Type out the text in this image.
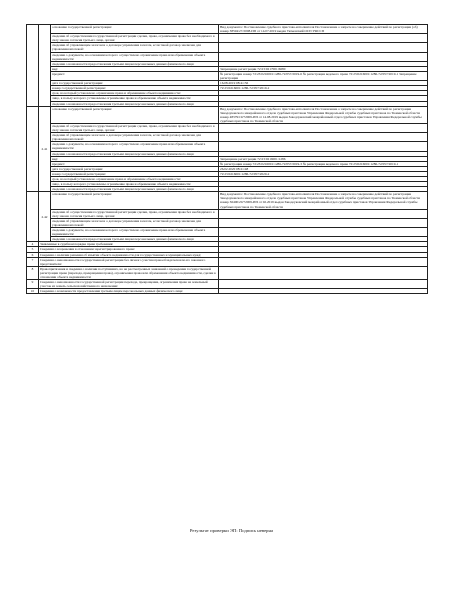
		основание государственной регистрации:	Вид документа: Постановление судебного пристава-исполнителя Постановление о запрете на совершение действий по регистрации (об) номер 38594/27/2008-ИП от 14.07.2019 выдан Тюменский ОСП УФССП
		сведения об осуществлении государственной регистрации сделки, права, ограничения права без необходимого в силу закона согласия третьего лица, органа:	
		сведения об управляющем залогом и о договоре управления залогом, если такой договор заключен для управления ипотекой:	
		сведения о документе, на основании которого осуществлено ограничение права или обременение объекта недвижимости:	
		сведения о возможности предоставления третьим лицам персональных данных физического лица:	
		вид:	Запрещение регистрации 72:23:0217001:6680
		предмет:	№ регистрации номер 72:23:0216001:1286-72/057/2019-6 № регистрации ведомого права 72:23:0216001:1286-72/057/2019-1 Запрещение регистрации
		дата государственной регистрации:	16.08.2019 08:41:36
		номер государственной регистрации:	72:23:0216001:1286-72/057/2019-2
		срок, на который установлено ограничение права и обременение объекта недвижимости:	
		лицо, в пользу которого установлены ограничение права и обременение объекта недвижимости:	
		сведения о возможности предоставления третьим лицам персональных данных физического лица:	
	2.41	основание государственной регистрации:	Вид документа: Постановление судебного пристава-исполнителя Постановление о запрете на совершение действий по регистрации Заводоуковского межрайонного отдела судебных приставов Управления Федеральной службы судебных приставов по Тюменской области номер 48379/19/72009-ИП от 14.08.2019 выдан Заводоуковский межрайонный отдел судебных приставов Управления Федеральной службы судебных приставов по Тюменской области
		сведения об осуществлении государственной регистрации сделки, права, ограничения права без необходимого в силу закона согласия третьего лица, органа:	
		сведения об управляющем залогом и о договоре управления залогом, если такой договор заключен для управления ипотекой:	
		сведения о документе, на основании которого осуществлено ограничение права или обременение объекта недвижимости:	
		сведения о возможности предоставления третьим лицам персональных данных физического лица:	
		вид:	Запрещение регистрации 72:23:0216001:1286
		предмет:	№ регистрации номер 72:23:0216001:1286-72/057/2019-3 № регистрации ведомого права 72:23:0216001:1286-72/057/2019-1
		дата государственной регистрации:	26.02.2020 08:21:48
		номер государственной регистрации:	72:23:0216001:1286-72/057/2020-2
		срок, на который установлено ограничение права и обременение объекта недвижимости:	
		лицо, в пользу которого установлены ограничение права и обременение объекта недвижимости:	
		сведения о возможности предоставления третьим лицам персональных данных физического лица:	
	2.42	основание государственной регистрации:	Вид документа: Постановление судебного пристава-исполнителя Постановление о запрете на совершение действий по регистрации Заводоуковского межрайонного отдела судебных приставов Управления Федеральной службы судебных приставов по Тюменской области номер 36400/20/72009-ИП от 02.2019 выдан Заводоуковский межрайонный отдел судебных приставов Управления Федеральной службы судебных приставов по Тюменской области
		сведения об осуществлении государственной регистрации сделки, права, ограничения права без необходимого в силу закона согласия третьего лица, органа:	
		сведения об управляющем залогом и о договоре управления залогом, если такой договор заключен для управления ипотекой:	
		сведения о документе, на основании которого осуществлено ограничение права или обременение объекта недвижимости:	
		сведения о возможности предоставления третьим лицам персональных данных физического лица:	
4	Заявленные в судебном порядке права требования:		
5	Сведения о возражении в отношении зарегистрированного права:		
6	Сведения о наличии решения об изъятии объекта недвижимости для государственных и муниципальных нужд:		
7	Сведения о невозможности государственной регистрации без личного участия правообладателя или его законного представителя:		
8	Правопритязания и сведения о наличии поступивших, но не рассмотренных заявлений о проведении государственной регистрации права (перехода, прекращения права), ограничения права или обременения объекта недвижимости, сделки в отношении объекта недвижимости:		
9	Сведения о невозможности государственной регистрации перехода, прекращения, ограничения права на земельный участок из земель сельскохозяйственного назначения:		
10	Сведения о возможности предоставления третьим лицам персональных данных физического лица:		
Результат проверки ЭП: Подпись неверна
